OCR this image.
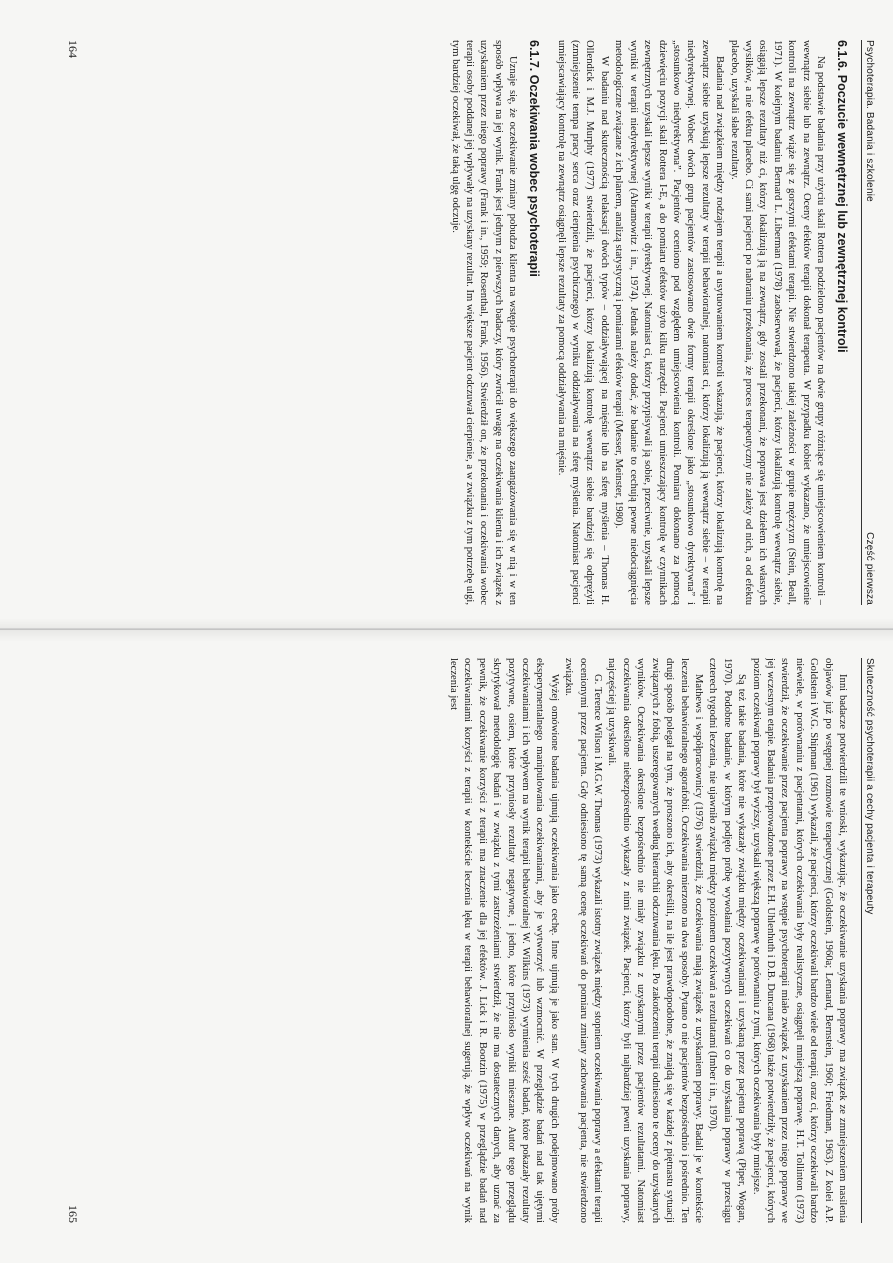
Psychoterapia. Badania i szkolenie
Część pierwsza
6.1.6. Poczucie wewnętrznej lub zewnętrznej kontroli

Na podstawie badania przy użyciu skali Rottera podzielono pacjentów na dwie grupy różniące się umiejscowieniem kontroli – wewnątrz siebie lub na zewnątrz. Oceny efektów terapii dokonał terapeuta. W przypadku kobiet wykazano, że umiejscowienie kontroli na zewnątrz wiąże się z gorszymi efektami terapii. Nie stwierdzono takiej zależności w grupie mężczyzn (Stein, Beall, 1971). W kolejnym badaniu Bernard L. Liberman (1978) zaobserwował, że pacjenci, którzy lokalizują kontrolę wewnątrz siebie, osiągają lepsze rezultaty niż ci, którzy lokalizują ją na zewnątrz, gdy zostali przekonani, że poprawa jest dziełem ich własnych wysiłków, a nie efektu placebo. Ci sami pacjenci po nabraniu przekonania, że proces terapeutyczny nie zależy od nich, a od efektu placebo, uzyskali słabe rezultaty.

Badania nad związkiem między rodzajem terapii a usytuowaniem kontroli wskazują, że pacjenci, którzy lokalizują kontrolę na zewnątrz siebie uzyskują lepsze rezultaty w terapii behawioralnej, natomiast ci, którzy lokalizują ją wewnątrz siebie – w terapii niedyrektywnej. Wobec dwóch grup pacjentów zastosowano dwie formy terapii określone jako „stosunkowo dyrektywna” i „stosunkowo niedyrektywna”. Pacjentów oceniono pod względem umiejscowienia kontroli. Pomiaru dokonano za pomocą dziewięciu pozycji skali Rottera I-E, a do pomiaru efektów użyto kilku narzędzi. Pacjenci umieszczający kontrolę w czynnikach zewnętrznych uzyskali lepsze wyniki w terapii dyrektywnej. Natomiast ci, którzy przypisywali ją sobie, przeciwnie, uzyskali lepsze wyniki w terapii niedyrektywnej (Abramowitz i in., 1974). Jednak należy dodać, że badanie to cechują pewne niedociągnięcia metodologiczne związane z ich planem, analizą statystyczną i pomiarami efektów terapii (Messer, Meinster, 1980).

W badaniu nad skutecznością relaksacji dwóch typów – oddziaływającej na mięśnie lub na sferę myślenia – Thomas H. Ollendick i M.J. Murphy (1977) stwierdzili, że pacjenci, którzy lokalizują kontrolę wewnątrz siebie bardziej się odprężyli (zmniejszenie tempa pracy serca oraz cierpienia psychicznego) w wyniku oddziaływania na sferę myślenia. Natomiast pacjenci umiejscawiający kontrolę na zewnątrz osiągnęli lepsze rezultaty za pomocą oddziaływania na mięśnie.

6.1.7. Oczekiwania wobec psychoterapii

Uznaje się, że oczekiwanie zmiany pobudza klienta na wstępie psychoterapii do większego zaangażowania się w nią i w ten sposób wpływa na jej wynik. Frank jest jednym z pierwszych badaczy, który zwrócił uwagę na oczekiwania klienta i ich związek z uzyskaniem przez niego poprawy (Frank i in., 1959; Rosenthal, Frank, 1956). Stwierdził on, że przekonania i oczekiwania wobec terapii osoby poddanej jej wpływały na uzyskany rezultat. Im większe pacjent odczuwał cierpienie, a w związku z tym potrzebę ulgi, tym bardziej oczekiwał, że taką ulgę odczuje.

164
Skuteczność psychoterapii a cechy pacjenta i terapeuty

Inni badacze potwierdzili te wnioski, wykazując, że oczekiwanie uzyskania poprawy ma związek ze zmniejszeniem nasilenia objawów już po wstępnej rozmowie terapeutycznej (Goldstein, 1960a; Lennard, Bernstein, 1960; Friedman, 1963). Z kolei A.P. Goldstein i W.G. Shipman (1961) wykazali, że pacjenci, którzy oczekiwali bardzo wiele od terapii, oraz ci, którzy oczekiwali bardzo niewiele, w porównaniu z pacjentami, których oczekiwania były realistyczne, osiągnęli mniejszą poprawę. H.T. Tollinton (1973) stwierdził, że oczekiwanie przez pacjenta poprawy na wstępie psychoterapii miało związek z uzyskaniem przez niego poprawy we jej wczesnym etapie. Badania przeprowadzone przez E.H. Uhlenhuth i D.B. Duncana (1968) także potwierdziły, że pacjenci, których poziom oczekiwań poprawy był wyższy, uzyskali większą poprawę w porównaniu z tymi, których oczekiwania były mniejsze.

Są też takie badania, które nie wykazały związku między oczekiwaniami i uzyskaną przez pacjenta poprawą (Piper, Wogan, 1970). Podobne badanie, w którym podjęto próbę wywołania pozytywnych oczekiwań co do uzyskania poprawy w przeciągu czterech tygodni leczenia, nie ujawniło związku między poziomem oczekiwań a rezultatami (Imber i in., 1970).

Mathews i współpracownicy (1976) stwierdzili, że oczekiwania mają związek z uzyskaniem poprawy. Badali je w kontekście leczenia behawioralnego agorafobii. Oczekiwania mierzono na dwa sposoby. Pytano o nie pacjentów bezpośrednio i pośrednio. Ten drugi sposób polegał na tym, że proszono ich, aby określili, na ile jest prawdopodobne, że znajdą się w każdej z piętnastu sytuacji związanych z fobią, uszeregowanych według hierarchii odczuwania lęku. Po zakończeniu terapii odniesiono te oceny do uzyskanych wyników. Oczekiwania określone bezpośrednio nie miały związku z uzyskanymi przez pacjentów rezultatami. Natomiast oczekiwania określone niebezpośrednio wykazały z nimi związek. Pacjenci, którzy byli najbardziej pewni uzyskania poprawy, najczęściej ją uzyskiwali.

G. Terence Wilson i M.G.W. Thomas (1973) wykazali istotny związek między stopniem oczekiwania poprawy a efektami terapii ocenionymi przez pacjenta. Gdy odniesiono tę samą ocenę oczekiwań do pomiaru zmiany zachowania pacjenta, nie stwierdzono związku.

Wyżej omówione badania ujmują oczekiwania jako cechę. Inne ujmują je jako stan. W tych drugich podejmowano próby eksperymentalnego manipulowania oczekiwaniami, aby je wytworzyć lub wzmocnić. W przeglądzie badań nad tak ujętymi oczekiwaniami i ich wpływem na wynik terapii behawioralnej W. Wilkins (1973) wymienia sześć badań, które pokazały rezultaty pozytywne, osiem, które przyniosły rezultaty negatywne, i jedno, które przyniosło wyniki mieszane. Autor tego przeglądu skrytykował metodologię badań i w związku z tymi zastrzeżeniami stwierdził, że nie ma dostatecznych danych, aby uznać za pewnik, że oczekiwanie korzyści z terapii ma znaczenie dla jej efektów. J. Lick i R. Bootzin (1975) w przeglądzie badań nad oczekiwaniami korzyści z terapii w kontekście leczenia lęku w terapii behawioralnej sugerują, że wpływ oczekiwań na wynik leczenia jest

165
